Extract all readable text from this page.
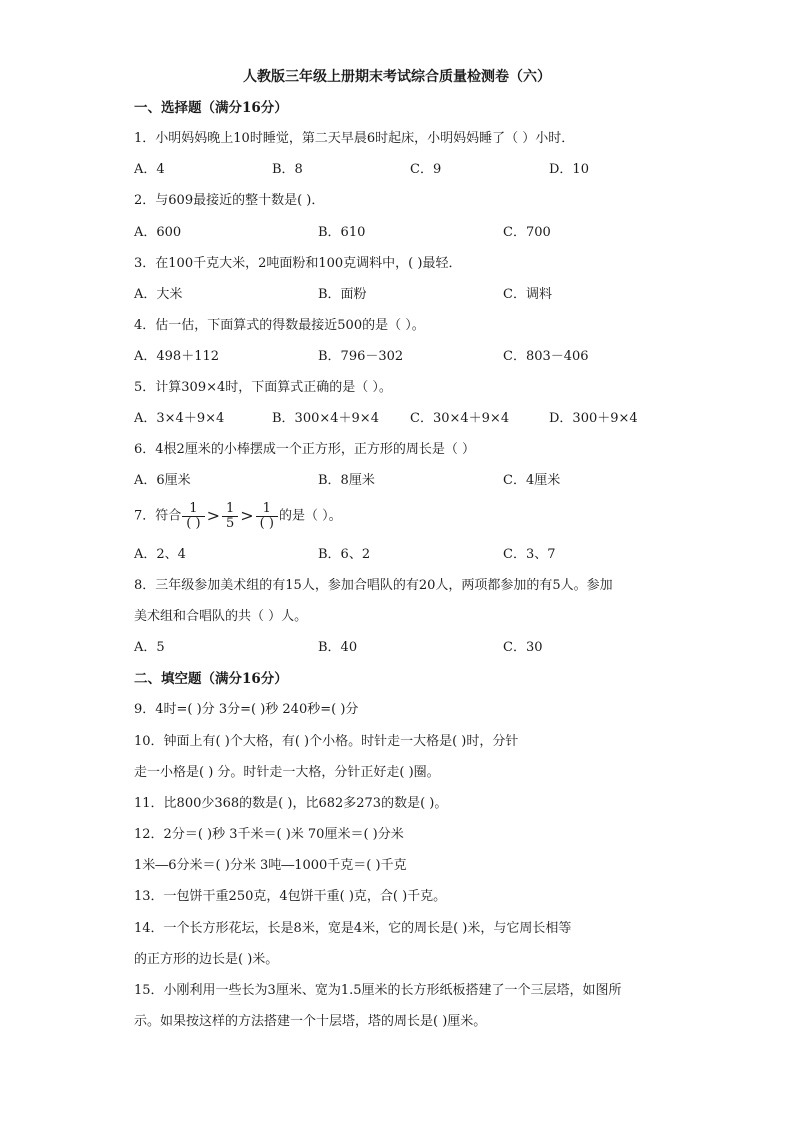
人教版三年级上册期末考试综合质量检测卷（六）
一、选择题（满分16分）
1．小明妈妈晚上10时睡觉，第二天早晨6时起床，小明妈妈睡了（ ）小时．
A．4	B．8	C．9	D．10
2．与609最接近的整十数是( )．
A．600	B．610	C．700
3．在100千克大米，2吨面粉和100克调料中，( )最轻．
A．大米	B．面粉	C．调料
4．估一估，下面算式的得数最接近500的是（ ）。
A．498＋112	B．796－302	C．803－406
5．计算309×4时，下面算式正确的是（ ）。
A．3×4＋9×4	B．300×4＋9×4 C．30×4＋9×4	D．300＋9×4
6．4根2厘米的小棒摆成一个正方形，正方形的周长是（ ）
A．6厘米	B．8厘米	C．4厘米
7．符合 $\frac{1}{( )} > \frac{1}{5} > \frac{1}{( )}$ 的是（ ）。
A．2、4	B．6、2	C．3、7
8．三年级参加美术组的有15人，参加合唱队的有20人，两项都参加的有5人。参加
美术组和合唱队的共（ ）人。
A．5	B．40	C．30
二、填空题（满分16分）
9．4时=( )分 3分=( )秒 240秒=( )分
10．钟面上有( )个大格，有( )个小格。时针走一大格是( )时，分针
走一小格是( ) 分。时针走一大格，分针正好走( )圈。
11．比800少368的数是( )，比682多273的数是( )。
12．2分＝( )秒 3千米＝( )米 70厘米＝( )分米
1米―6分米＝( )分米 3吨―1000千克＝( )千克
13．一包饼干重250克，4包饼干重( )克，合( )千克。
14．一个长方形花坛，长是8米，宽是4米，它的周长是( )米，与它周长相等
的正方形的边长是( )米。
15．小刚利用一些长为3厘米、宽为1.5厘米的长方形纸板搭建了一个三层塔，如图所
示。如果按这样的方法搭建一个十层塔，塔的周长是( )厘米。
